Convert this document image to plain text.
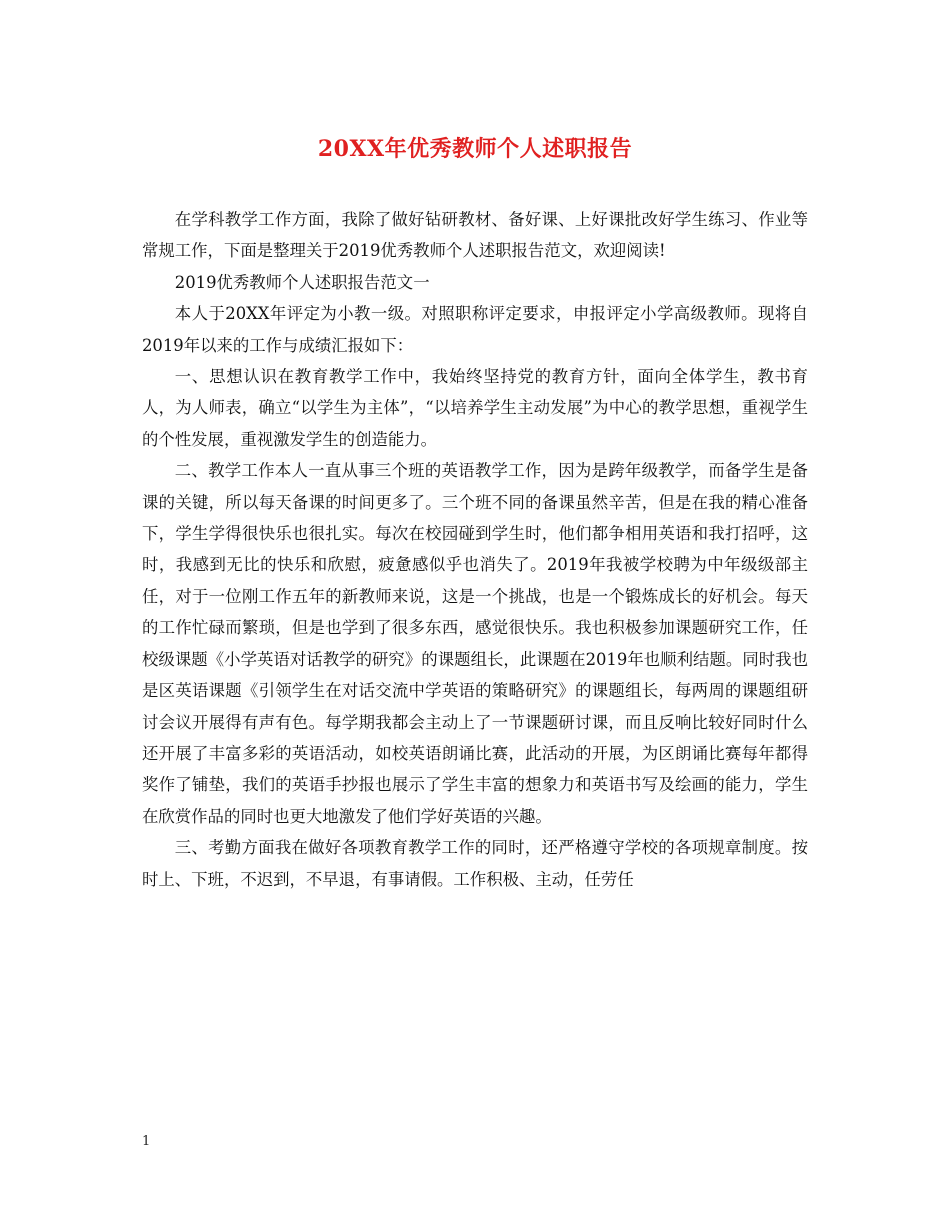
20XX年优秀教师个人述职报告

在学科教学工作方面，我除了做好钻研教材、备好课、上好课批改好学生练习、作业等常规工作，下面是整理关于2019优秀教师个人述职报告范文，欢迎阅读!

2019优秀教师个人述职报告范文一

本人于20XX年评定为小教一级。对照职称评定要求，申报评定小学高级教师。现将自2019年以来的工作与成绩汇报如下：

一、思想认识在教育教学工作中，我始终坚持党的教育方针，面向全体学生，教书育人，为人师表，确立“以学生为主体”，“以培养学生主动发展”为中心的教学思想，重视学生的个性发展，重视激发学生的创造能力。

二、教学工作本人一直从事三个班的英语教学工作，因为是跨年级教学，而备学生是备课的关键，所以每天备课的时间更多了。三个班不同的备课虽然辛苦，但是在我的精心准备下，学生学得很快乐也很扎实。每次在校园碰到学生时，他们都争相用英语和我打招呼，这时，我感到无比的快乐和欣慰，疲惫感似乎也消失了。2019年我被学校聘为中年级级部主任，对于一位刚工作五年的新教师来说，这是一个挑战，也是一个锻炼成长的好机会。每天的工作忙碌而繁琐，但是也学到了很多东西，感觉很快乐。我也积极参加课题研究工作，任校级课题《小学英语对话教学的研究》的课题组长，此课题在2019年也顺利结题。同时我也是区英语课题《引领学生在对话交流中学英语的策略研究》的课题组长，每两周的课题组研讨会议开展得有声有色。每学期我都会主动上了一节课题研讨课，而且反响比较好同时什么还开展了丰富多彩的英语活动，如校英语朗诵比赛，此活动的开展，为区朗诵比赛每年都得奖作了铺垫，我们的英语手抄报也展示了学生丰富的想象力和英语书写及绘画的能力，学生在欣赏作品的同时也更大地激发了他们学好英语的兴趣。

三、考勤方面我在做好各项教育教学工作的同时，还严格遵守学校的各项规章制度。按时上、下班，不迟到，不早退，有事请假。工作积极、主动，任劳任

1
